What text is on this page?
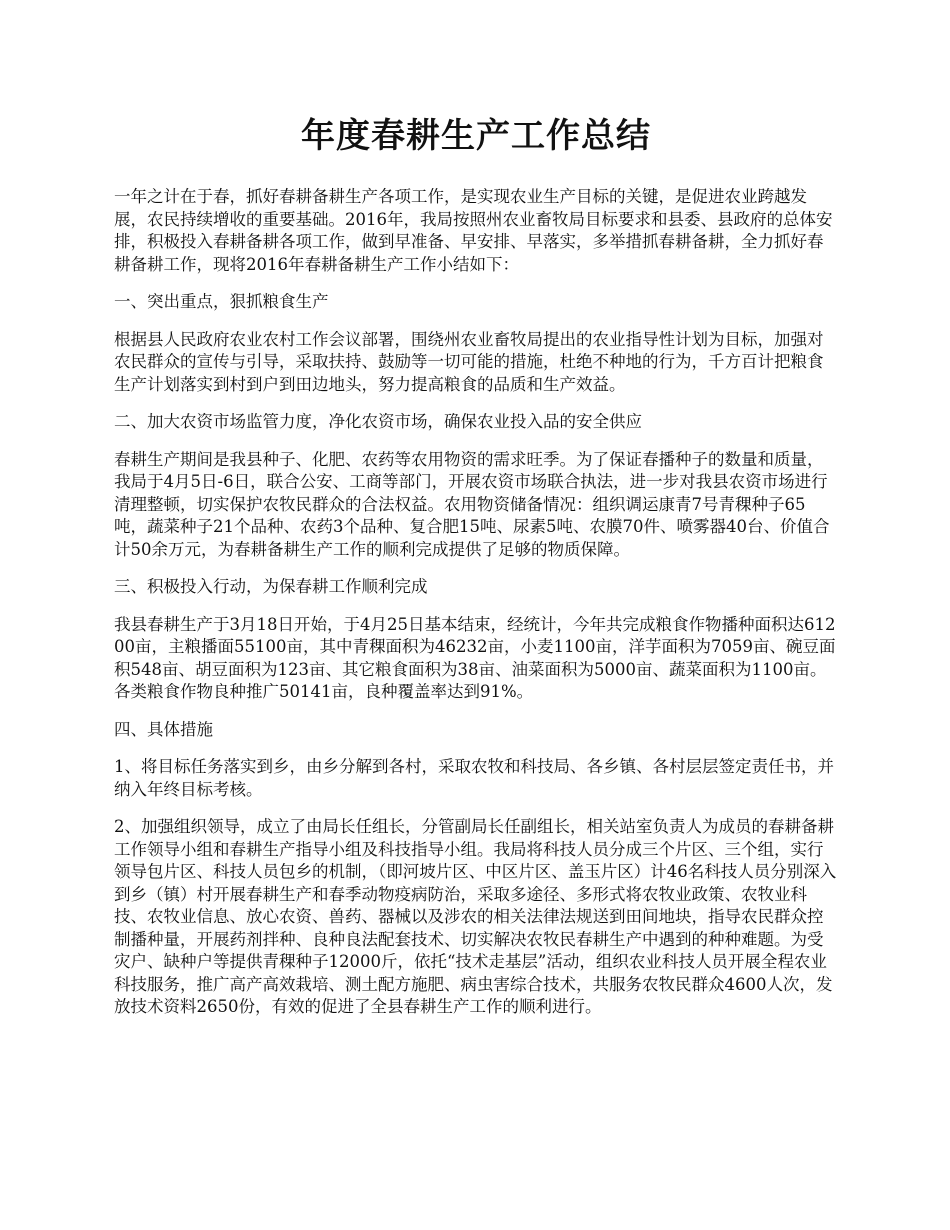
年度春耕生产工作总结

一年之计在于春，抓好春耕备耕生产各项工作，是实现农业生产目标的关键，是促进农业跨越发展，农民持续增收的重要基础。2016年，我局按照州农业畜牧局目标要求和县委、县政府的总体安排，积极投入春耕备耕各项工作，做到早准备、早安排、早落实，多举措抓春耕备耕，全力抓好春耕备耕工作，现将2016年春耕备耕生产工作小结如下：

一、突出重点，狠抓粮食生产

根据县人民政府农业农村工作会议部署，围绕州农业畜牧局提出的农业指导性计划为目标，加强对农民群众的宣传与引导，采取扶持、鼓励等一切可能的措施，杜绝不种地的行为，千方百计把粮食生产计划落实到村到户到田边地头，努力提高粮食的品质和生产效益。

二、加大农资市场监管力度，净化农资市场，确保农业投入品的安全供应

春耕生产期间是我县种子、化肥、农药等农用物资的需求旺季。为了保证春播种子的数量和质量，我局于4月5日-6日，联合公安、工商等部门，开展农资市场联合执法，进一步对我县农资市场进行清理整顿，切实保护农牧民群众的合法权益。农用物资储备情况：组织调运康青7号青稞种子65吨，蔬菜种子21个品种、农药3个品种、复合肥15吨、尿素5吨、农膜70件、喷雾器40台、价值合计50余万元，为春耕备耕生产工作的顺利完成提供了足够的物质保障。

三、积极投入行动，为保春耕工作顺利完成

我县春耕生产于3月18日开始，于4月25日基本结束，经统计，今年共完成粮食作物播种面积达61200亩，主粮播面55100亩，其中青稞面积为46232亩，小麦1100亩，洋芋面积为7059亩、碗豆面积548亩、胡豆面积为123亩、其它粮食面积为38亩、油菜面积为5000亩、蔬菜面积为1100亩。各类粮食作物良种推广50141亩，良种覆盖率达到91%。

四、具体措施

1、将目标任务落实到乡，由乡分解到各村，采取农牧和科技局、各乡镇、各村层层签定责任书，并纳入年终目标考核。

2、加强组织领导，成立了由局长任组长，分管副局长任副组长，相关站室负责人为成员的春耕备耕工作领导小组和春耕生产指导小组及科技指导小组。我局将科技人员分成三个片区、三个组，实行领导包片区、科技人员包乡的机制，（即河坡片区、中区片区、盖玉片区）计46名科技人员分别深入到乡（镇）村开展春耕生产和春季动物疫病防治，采取多途径、多形式将农牧业政策、农牧业科技、农牧业信息、放心农资、兽药、器械以及涉农的相关法律法规送到田间地块，指导农民群众控制播种量，开展药剂拌种、良种良法配套技术、切实解决农牧民春耕生产中遇到的种种难题。为受灾户、缺种户等提供青稞种子12000斤，依托“技术走基层”活动，组织农业科技人员开展全程农业科技服务，推广高产高效栽培、测土配方施肥、病虫害综合技术，共服务农牧民群众4600人次，发放技术资料2650份，有效的促进了全县春耕生产工作的顺利进行。
